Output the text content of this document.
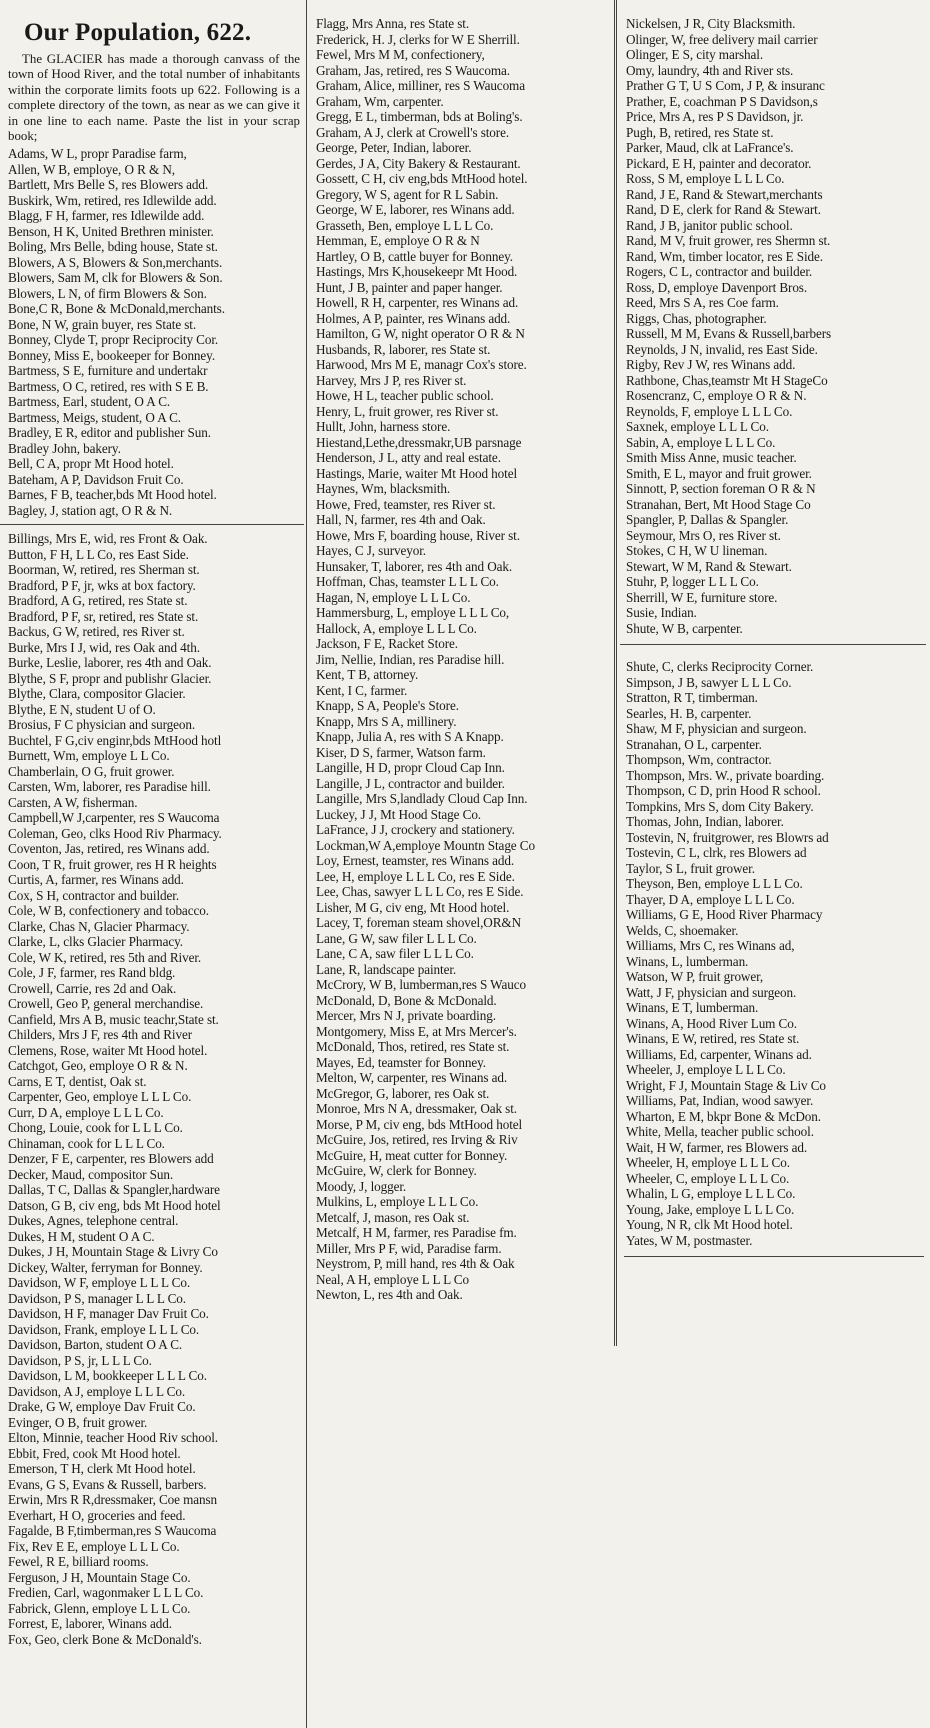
Our Population, 622.
The GLACIER has made a thorough canvass of the town of Hood River, and the total number of inhabitants within the corporate limits foots up 622. Following is a complete directory of the town, as near as we can give it in one line to each name. Paste the list in your scrap book;
Adams, W L, propr Paradise farm,
Allen, W B, employe, O R & N,
Bartlett, Mrs Belle S, res Blowers add.
Buskirk, Wm, retired, res Idlewilde add.
Blagg, F H, farmer, res Idlewilde add.
Benson, H K, United Brethren minister.
Boling, Mrs Belle, bding house, State st.
Blowers, A S, Blowers & Son,merchants.
Blowers, Sam M, clk for Blowers & Son.
Blowers, L N, of firm Blowers & Son.
Bone,C R, Bone & McDonald,merchants.
Bone, N W, grain buyer, res State st.
Bonney, Clyde T, propr Reciprocity Cor.
Bonney, Miss E, bookeeper for Bonney.
Bartmess, S E, furniture and undertakr
Bartmess, O C, retired, res with S E B.
Bartmess, Earl, student, O A C.
Bartmess, Meigs, student, O A C.
Bradley, E R, editor and publisher Sun.
Bradley John, bakery.
Bell, C A, propr Mt Hood hotel.
Bateham, A P, Davidson Fruit Co.
Barnes, F B, teacher,bds Mt Hood hotel.
Bagley, J, station agt, O R & N.
Billings, Mrs E, wid, res Front & Oak.
Button, F H, L L Co, res East Side.
Boorman, W, retired, res Sherman st.
Bradford, P F, jr, wks at box factory.
Bradford, A G, retired, res State st.
Bradford, P F, sr, retired, res State st.
Backus, G W, retired, res River st.
Burke, Mrs I J, wid, res Oak and 4th.
Burke, Leslie, laborer, res 4th and Oak.
Blythe, S F, propr and publishr Glacier.
Blythe, Clara, compositor Glacier.
Blythe, E N, student U of O.
Brosius, F C physician and surgeon.
Buchtel, F G,civ enginr,bds MtHood hotl
Burnett, Wm, employe L L Co.
Chamberlain, O G, fruit grower.
Carsten, Wm, laborer, res Paradise hill.
Carsten, A W, fisherman.
Campbell,W J,carpenter, res S Waucoma
Coleman, Geo, clks Hood Riv Pharmacy.
Coventon, Jas, retired, res Winans add.
Coon, T R, fruit grower, res H R heights
Curtis, A, farmer, res Winans add.
Cox, S H, contractor and builder.
Cole, W B, confectionery and tobacco.
Clarke, Chas N, Glacier Pharmacy.
Clarke, L, clks Glacier Pharmacy.
Cole, W K, retired, res 5th and River.
Cole, J F, farmer, res Rand bldg.
Crowell, Carrie, res 2d and Oak.
Crowell, Geo P, general merchandise.
Canfield, Mrs A B, music teachr,State st.
Childers, Mrs J F, res 4th and River
Clemens, Rose, waiter Mt Hood hotel.
Catchgot, Geo, employe O R & N.
Carns, E T, dentist, Oak st.
Carpenter, Geo, employe L L L Co.
Curr, D A, employe L L L Co.
Chong, Louie, cook for L L L Co.
Chinaman, cook for L L L Co.
Denzer, F E, carpenter, res Blowers add
Decker, Maud, compositor Sun.
Dallas, T C, Dallas & Spangler,hardware
Datson, G B, civ eng, bds Mt Hood hotel
Dukes, Agnes, telephone central.
Dukes, H M, student O A C.
Dukes, J H, Mountain Stage & Livry Co
Dickey, Walter, ferryman for Bonney.
Davidson, W F, employe L L L Co.
Davidson, P S, manager L L L Co.
Davidson, H F, manager Dav Fruit Co.
Davidson, Frank, employe L L L Co.
Davidson, Barton, student O A C.
Davidson, P S, jr, L L L Co.
Davidson, L M, bookkeeper L L L Co.
Davidson, A J, employe L L L Co.
Drake, G W, employe Dav Fruit Co.
Evinger, O B, fruit grower.
Elton, Minnie, teacher Hood Riv school.
Ebbit, Fred, cook Mt Hood hotel.
Emerson, T H, clerk Mt Hood hotel.
Evans, G S, Evans & Russell, barbers.
Erwin, Mrs R R,dressmaker, Coe mansn
Everhart, H O, groceries and feed.
Fagalde, B F,timberman,res S Waucoma
Fix, Rev E E, employe L L L Co.
Fewel, R E, billiard rooms.
Ferguson, J H, Mountain Stage Co.
Fredien, Carl, wagonmaker L L L Co.
Fabrick, Glenn, employe L L L Co.
Forrest, E, laborer, Winans add.
Fox, Geo, clerk Bone & McDonald's.
Flagg, Mrs Anna, res State st.
Frederick, H. J, clerks for W E Sherrill.
Fewel, Mrs M M, confectionery,
Graham, Jas, retired, res S Waucoma.
Graham, Alice, milliner, res S Waucoma
Graham, Wm, carpenter.
Gregg, E L, timberman, bds at Boling's.
Graham, A J, clerk at Crowell's store.
George, Peter, Indian, laborer.
Gerdes, J A, City Bakery & Restaurant.
Gossett, C H, civ eng,bds MtHood hotel.
Gregory, W S, agent for R L Sabin.
George, W E, laborer, res Winans add.
Grasseth, Ben, employe L L L Co.
Hemman, E, employe O R & N
Hartley, O B, cattle buyer for Bonney.
Hastings, Mrs K,housekeepr Mt Hood.
Hunt, J B, painter and paper hanger.
Howell, R H, carpenter, res Winans ad.
Holmes, A P, painter, res Winans add.
Hamilton, G W, night operator O R & N
Husbands, R, laborer, res State st.
Harwood, Mrs M E, managr Cox's store.
Harvey, Mrs J P, res River st.
Howe, H L, teacher public school.
Henry, L, fruit grower, res River st.
Hullt, John, harness store.
Hiestand,Lethe,dressmakr,UB parsnage
Henderson, J L, atty and real estate.
Hastings, Marie, waiter Mt Hood hotel
Haynes, Wm, blacksmith.
Howe, Fred, teamster, res River st.
Hall, N, farmer, res 4th and Oak.
Howe, Mrs F, boarding house, River st.
Hayes, C J, surveyor.
Hunsaker, T, laborer, res 4th and Oak.
Hoffman, Chas, teamster L L L Co.
Hagan, N, employe L L L Co.
Hammersburg, L, employe L L L Co,
Hallock, A, employe L L L Co.
Jackson, F E, Racket Store.
Jim, Nellie, Indian, res Paradise hill.
Kent, T B, attorney.
Kent, I C, farmer.
Knapp, S A, People's Store.
Knapp, Mrs S A, millinery.
Knapp, Julia A, res with S A Knapp.
Kiser, D S, farmer, Watson farm.
Langille, H D, propr Cloud Cap Inn.
Langille, J L, contractor and builder.
Langille, Mrs S,landlady Cloud Cap Inn.
Luckey, J J, Mt Hood Stage Co.
LaFrance, J J, crockery and stationery.
Lockman,W A,employe Mountn Stage Co
Loy, Ernest, teamster, res Winans add.
Lee, H, employe L L L Co, res E Side.
Lee, Chas, sawyer L L L Co, res E Side.
Lisher, M G, civ eng, Mt Hood hotel.
Lacey, T, foreman steam shovel,OR&N
Lane, G W, saw filer L L L Co.
Lane, C A, saw filer L L L Co.
Lane, R, landscape painter.
McCrory, W B, lumberman,res S Wauco
McDonald, D, Bone & McDonald.
Mercer, Mrs N J, private boarding.
Montgomery, Miss E, at Mrs Mercer's.
McDonald, Thos, retired, res State st.
Mayes, Ed, teamster for Bonney.
Melton, W, carpenter, res Winans ad.
McGregor, G, laborer, res Oak st.
Monroe, Mrs N A, dressmaker, Oak st.
Morse, P M, civ eng, bds MtHood hotel
McGuire, Jos, retired, res Irving & Riv
McGuire, H, meat cutter for Bonney.
McGuire, W, clerk for Bonney.
Moody, J, logger.
Mulkins, L, employe L L L Co.
Metcalf, J, mason, res Oak st.
Metcalf, H M, farmer, res Paradise fm.
Miller, Mrs P F, wid, Paradise farm.
Neystrom, P, mill hand, res 4th & Oak
Neal, A H, employe L L L Co
Newton, L, res 4th and Oak.
Nickelsen, J R, City Blacksmith.
Olinger, W, free delivery mail carrier
Olinger, E S, city marshal.
Omy, laundry, 4th and River sts.
Prather G T, U S Com, J P, & insuranc
Prather, E, coachman P S Davidson,s
Price, Mrs A, res P S Davidson, jr.
Pugh, B, retired, res State st.
Parker, Maud, clk at LaFrance's.
Pickard, E H, painter and decorator.
Ross, S M, employe L L L Co.
Rand, J E, Rand & Stewart,merchants
Rand, D E, clerk for Rand & Stewart.
Rand, J B, janitor public school.
Rand, M V, fruit grower, res Shermn st.
Rand, Wm, timber locator, res E Side.
Rogers, C L, contractor and builder.
Ross, D, employe Davenport Bros.
Reed, Mrs S A, res Coe farm.
Riggs, Chas, photographer.
Russell, M M, Evans & Russell,barbers
Reynolds, J N, invalid, res East Side.
Rigby, Rev J W, res Winans add.
Rathbone, Chas,teamstr Mt H StageCo
Rosencranz, C, employe O R & N.
Reynolds, F, employe L L L Co.
Saxnek, employe L L L Co.
Sabin, A, employe L L L Co.
Smith Miss Anne, music teacher.
Smith, E L, mayor and fruit grower.
Sinnott, P, section foreman O R & N
Stranahan, Bert, Mt Hood Stage Co
Spangler, P, Dallas & Spangler.
Seymour, Mrs O, res River st.
Stokes, C H, W U lineman.
Stewart, W M, Rand & Stewart.
Stuhr, P, logger L L L Co.
Sherrill, W E, furniture store.
Susie, Indian.
Shute, W B, carpenter.
Shute, C, clerks Reciprocity Corner.
Simpson, J B, sawyer L L L Co.
Stratton, R T, timberman.
Searles, H. B, carpenter.
Shaw, M F, physician and surgeon.
Stranahan, O L, carpenter.
Thompson, Wm, contractor.
Thompson, Mrs. W., private boarding.
Thompson, C D, prin Hood R school.
Tompkins, Mrs S, dom City Bakery.
Thomas, John, Indian, laborer.
Tostevin, N, fruitgrower, res Blowrs ad
Tostevin, C L, clrk, res Blowers ad
Taylor, S L, fruit grower.
Theyson, Ben, employe L L L Co.
Thayer, D A, employe L L L Co.
Williams, G E, Hood River Pharmacy
Welds, C, shoemaker.
Williams, Mrs C, res Winans ad,
Winans, L, lumberman.
Watson, W P, fruit grower,
Watt, J F, physician and surgeon.
Winans, E T, lumberman.
Winans, A, Hood River Lum Co.
Winans, E W, retired, res State st.
Williams, Ed, carpenter, Winans ad.
Wheeler, J, employe L L L Co.
Wright, F J, Mountain Stage & Liv Co
Williams, Pat, Indian, wood sawyer.
Wharton, E M, bkpr Bone & McDon.
White, Mella, teacher public school.
Wait, H W, farmer, res Blowers ad.
Wheeler, H, employe L L L Co.
Wheeler, C, employe L L L Co.
Whalin, L G, employe L L L Co.
Young, Jake, employe L L L Co.
Young, N R, clk Mt Hood hotel.
Yates, W M, postmaster.
